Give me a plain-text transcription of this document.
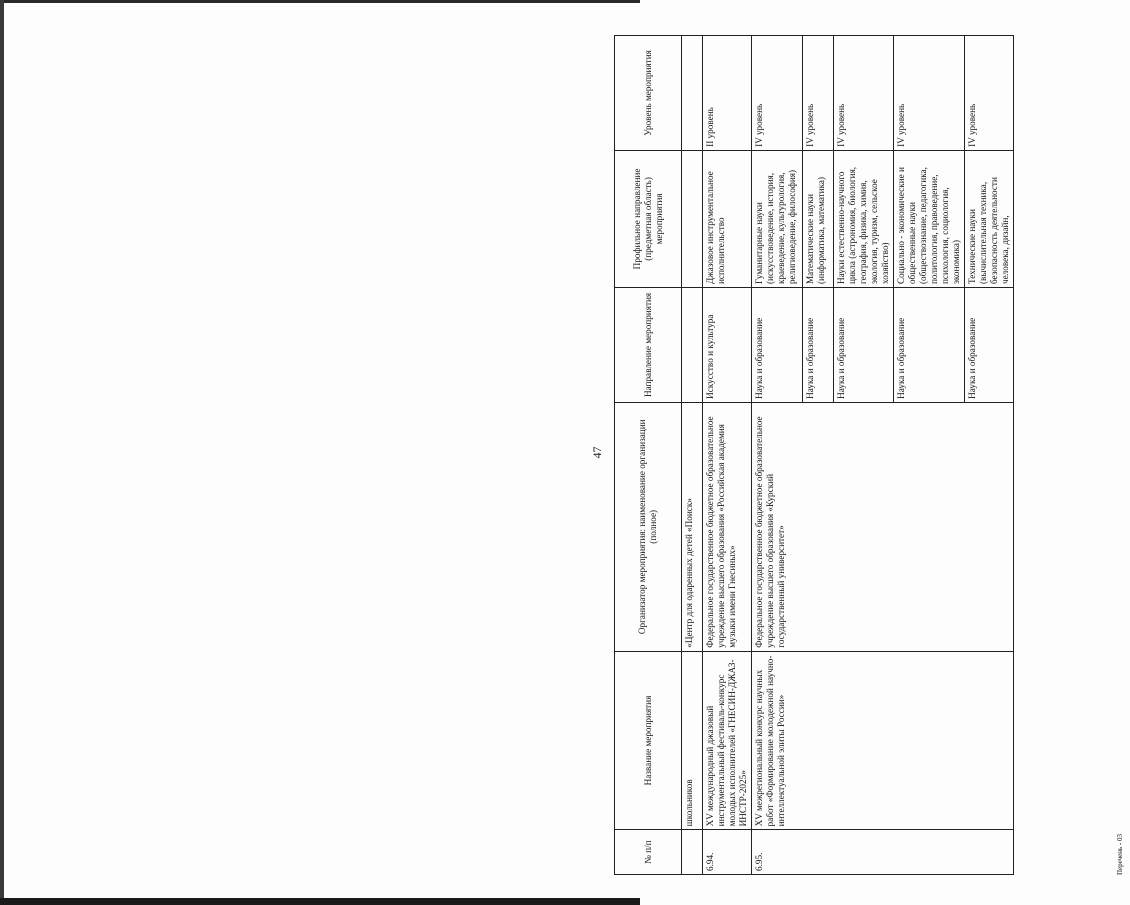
47
№ п/п	Название мероприятия	Организатор мероприятия: наименование организации (полное)	Направление мероприятия	Профильное направление (предметная область) мероприятия	Уровень мероприятия
	школьников	«Центр для одаренных детей «Поиск»			
6.94.	XV международный джазовый инструментальный фестиваль-конкурс молодых исполнителей «ГНЕСИН-ДЖАЗ-ИНСТР-2025»	Федеральное государственное бюджетное образовательное учреждение высшего образования «Российская академия музыки имени Гнесиных»	Искусство и культура	Джазовое инструментальное исполнительство	II уровень
6.95.	XV межрегиональный конкурс научных работ «Формирование молодежной научно-интеллектуальной элиты России»	Федеральное государственное бюджетное образовательное учреждение высшего образования «Курский государственный университет»	Наука и образование	Гуманитарные науки (искусствоведение, история, краеведение, культурология, религиоведение, философия)	IV уровень
			Наука и образование	Математические науки (информатика, математика)	IV уровень
			Наука и образование	Науки естественно-научного цикла (астрономия, биология, география, физика, химия, экология, туризм, сельское хозяйство)	IV уровень
			Наука и образование	Социально - экономические и общественные науки (обществознание, педагогика, политология, правоведение, психология, социология, экономика)	IV уровень
			Наука и образование	Технические науки (вычислительная техника, безопасность деятельности человека, дизайн,	IV уровень
Перечень - 03
